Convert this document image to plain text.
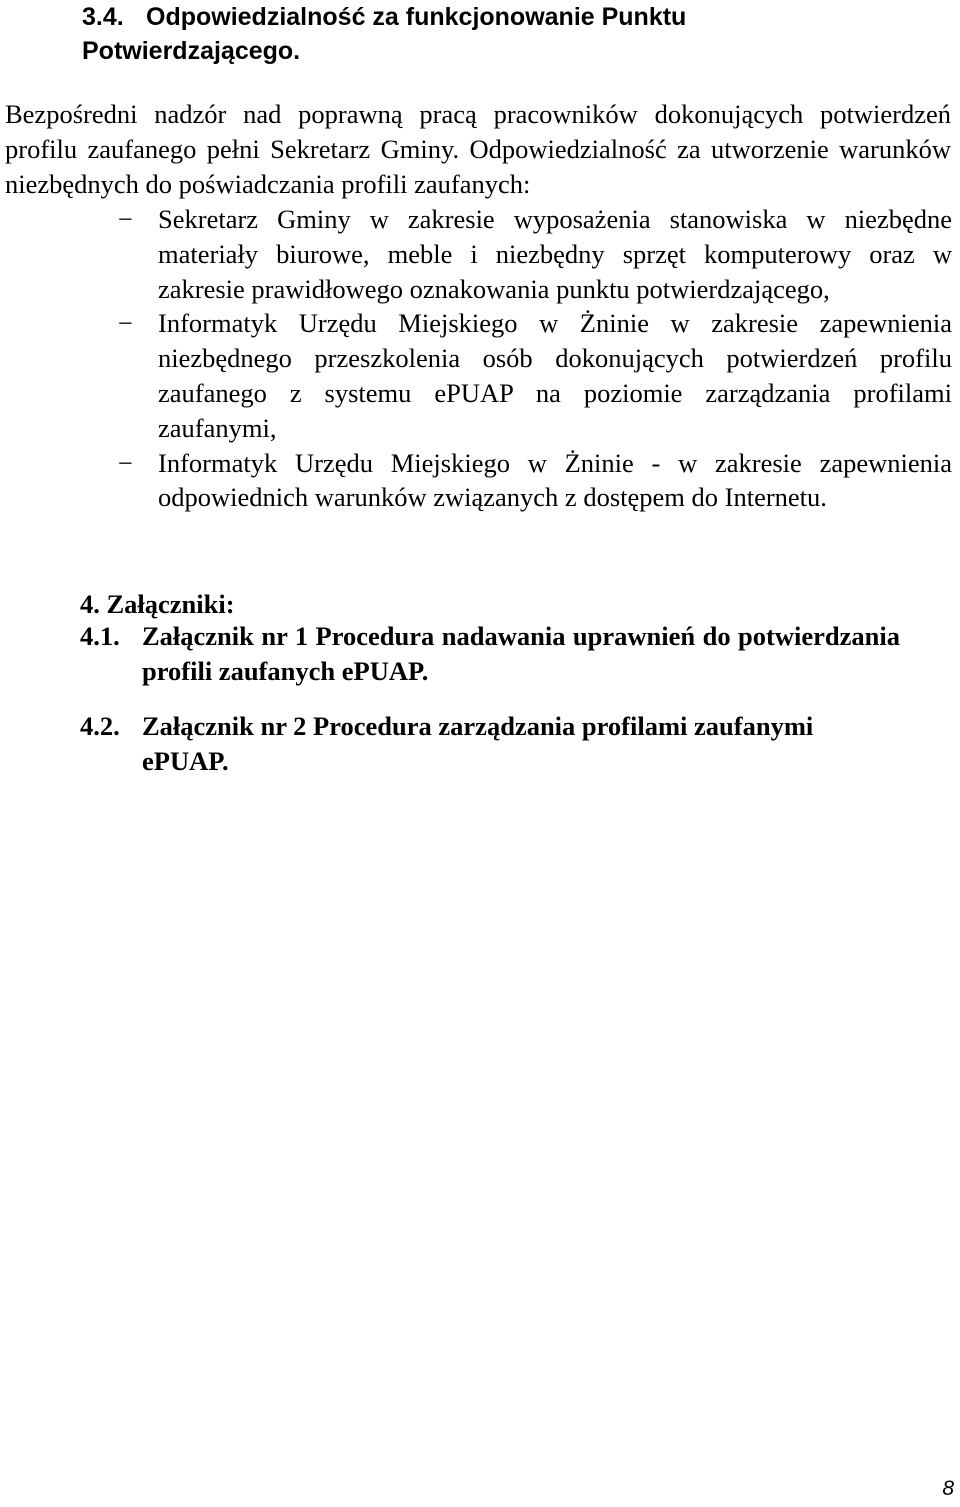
3.4. Odpowiedzialność za funkcjonowanie Punktu Potwierdzającego.

Bezpośredni nadzór nad poprawną pracą pracowników dokonujących potwierdzeń profilu zaufanego pełni Sekretarz Gminy. Odpowiedzialność za utworzenie warunków niezbędnych do poświadczania profili zaufanych:

− Sekretarz Gminy w zakresie wyposażenia stanowiska w niezbędne materiały biurowe, meble i niezbędny sprzęt komputerowy oraz w zakresie prawidłowego oznakowania punktu potwierdzającego,
− Informatyk Urzędu Miejskiego w Żninie w zakresie zapewnienia niezbędnego przeszkolenia osób dokonujących potwierdzeń profilu zaufanego z systemu ePUAP na poziomie zarządzania profilami zaufanymi,
− Informatyk Urzędu Miejskiego w Żninie - w zakresie zapewnienia odpowiednich warunków związanych z dostępem do Internetu.
4. Załączniki:
4.1. Załącznik nr 1 Procedura nadawania uprawnień do potwierdzania profili zaufanych ePUAP.
4.2. Załącznik nr 2 Procedura zarządzania profilami zaufanymi ePUAP.
8
